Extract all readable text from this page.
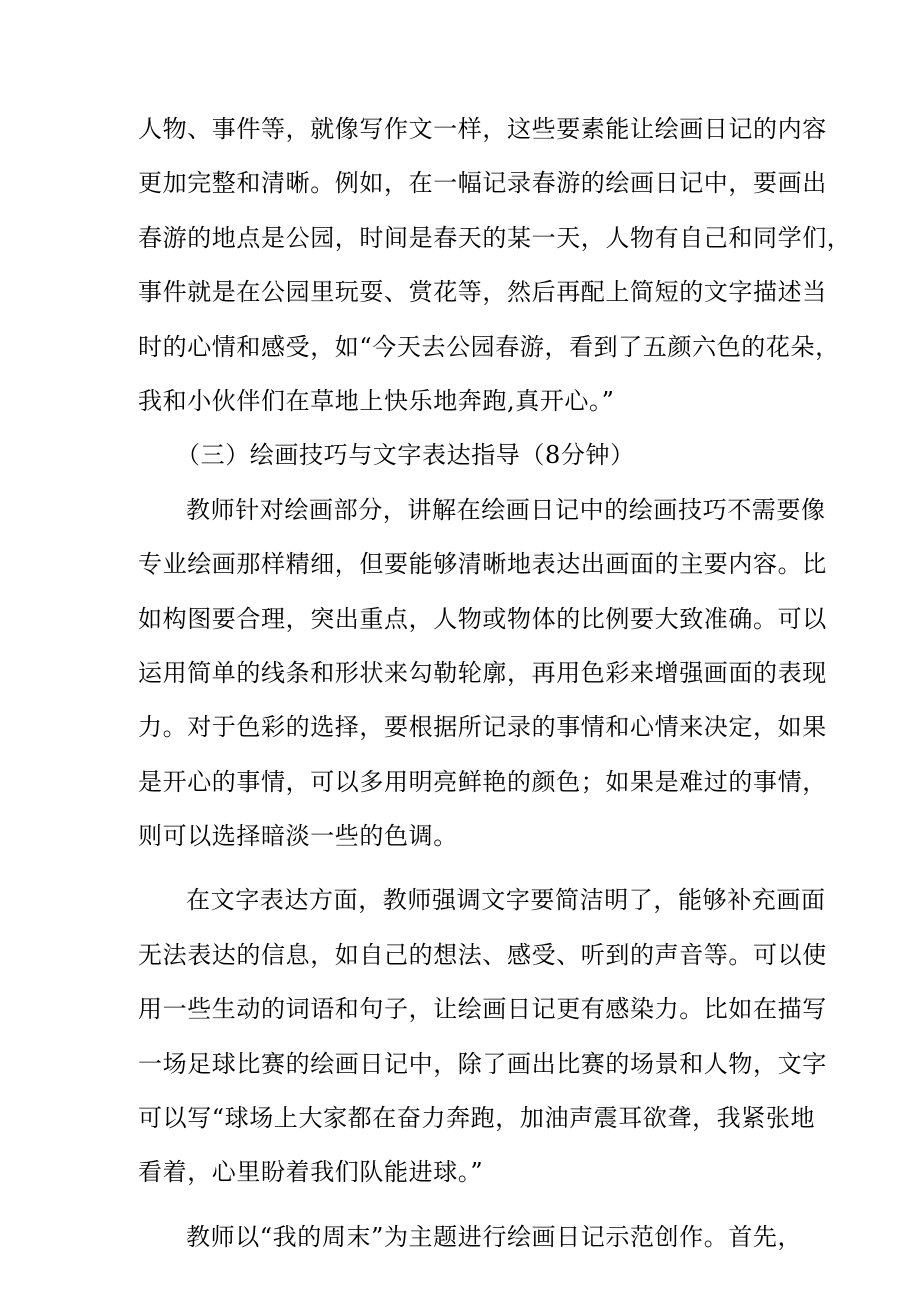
人物、事件等，就像写作文一样，这些要素能让绘画日记的内容
更加完整和清晰。例如，在一幅记录春游的绘画日记中，要画出
春游的地点是公园，时间是春天的某一天，人物有自己和同学们，
事件就是在公园里玩耍、赏花等，然后再配上简短的文字描述当
时的心情和感受，如“今天去公园春游，看到了五颜六色的花朵，
我和小伙伴们在草地上快乐地奔跑,真开心。”
（三）绘画技巧与文字表达指导（8分钟）
教师针对绘画部分，讲解在绘画日记中的绘画技巧不需要像
专业绘画那样精细，但要能够清晰地表达出画面的主要内容。比
如构图要合理，突出重点，人物或物体的比例要大致准确。可以
运用简单的线条和形状来勾勒轮廓，再用色彩来增强画面的表现
力。对于色彩的选择，要根据所记录的事情和心情来决定，如果
是开心的事情，可以多用明亮鲜艳的颜色；如果是难过的事情，
则可以选择暗淡一些的色调。
在文字表达方面，教师强调文字要简洁明了，能够补充画面
无法表达的信息，如自己的想法、感受、听到的声音等。可以使
用一些生动的词语和句子，让绘画日记更有感染力。比如在描写
一场足球比赛的绘画日记中，除了画出比赛的场景和人物，文字
可以写“球场上大家都在奋力奔跑，加油声震耳欲聋，我紧张地
看着，心里盼着我们队能进球。”
教师以“我的周末”为主题进行绘画日记示范创作。首先，
